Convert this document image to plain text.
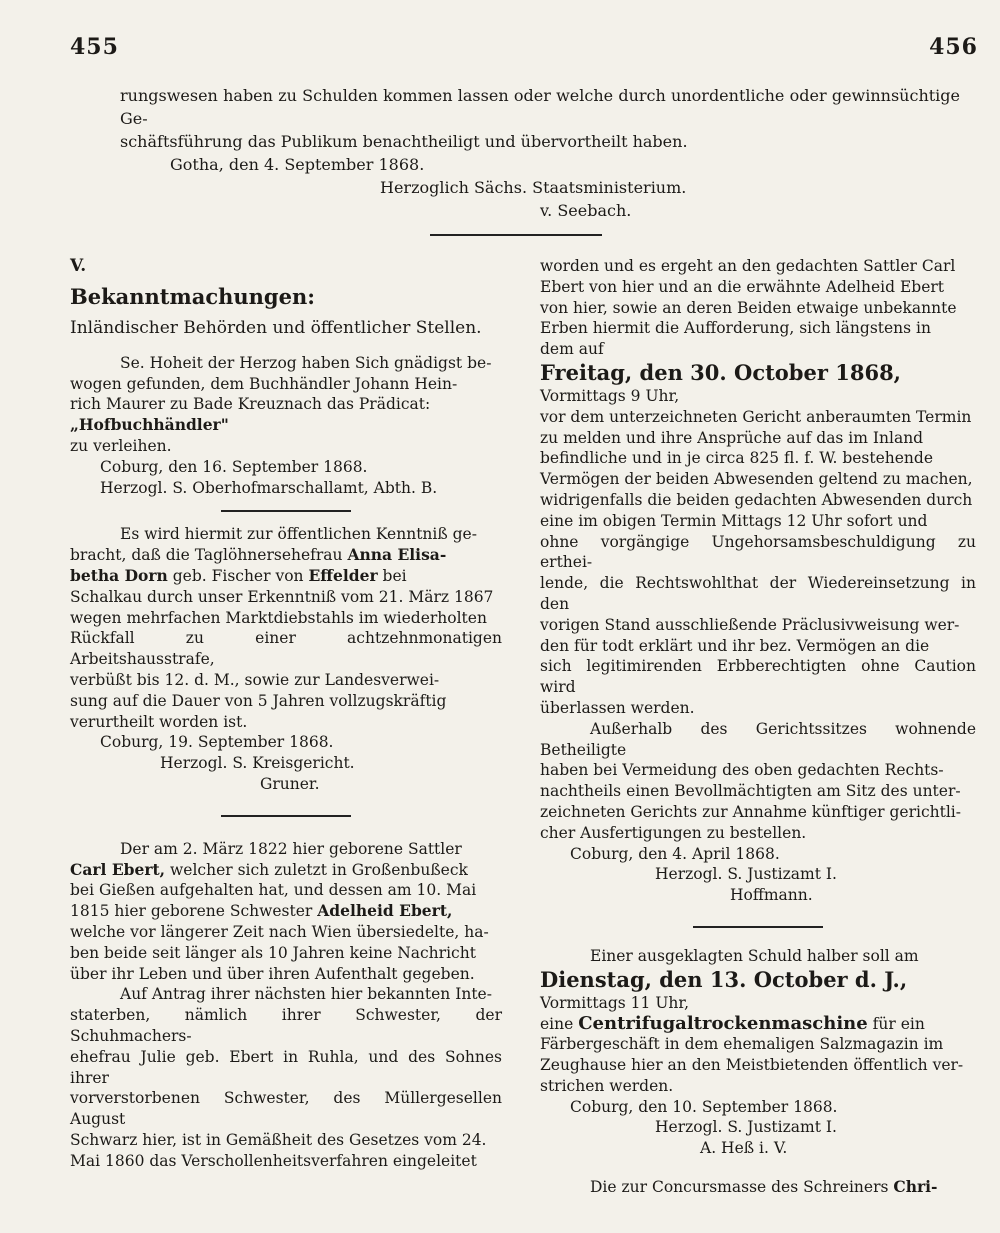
455	456

rungswesen haben zu Schulden kommen lassen oder welche durch unordentliche oder gewinnsüchtige Ge-

schäftsführung das Publikum benachtheiligt und übervortheilt haben.

Gotha, den 4. September 1868.

Herzoglich Sächs. Staatsministerium.

v. Seebach.

V.

Bekanntmachungen:

Inländischer Behörden und öffentlicher Stellen.

Se. Hoheit der Herzog haben Sich gnädigst be-

wogen gefunden, dem Buchhändler Johann Hein-

rich Maurer zu Bade Kreuznach das Prädicat:

„Hofbuchhändler"

zu verleihen.

Coburg, den 16. September 1868.

Herzogl. S. Oberhofmarschallamt, Abth. B.

Es wird hiermit zur öffentlichen Kenntniß ge-

bracht, daß die Taglöhnersehefrau Anna Elisa-

betha Dorn geb. Fischer von Effelder bei

Schalkau durch unser Erkenntniß vom 21. März 1867

wegen mehrfachen Marktdiebstahls im wiederholten

Rückfall zu einer achtzehnmonatigen Arbeitshausstrafe,

verbüßt bis 12. d. M., sowie zur Landesverwei-

sung auf die Dauer von 5 Jahren vollzugskräftig

verurtheilt worden ist.

Coburg, 19. September 1868.

Herzogl. S. Kreisgericht.

Gruner.

Der am 2. März 1822 hier geborene Sattler

Carl Ebert, welcher sich zuletzt in Großenbußeck

bei Gießen aufgehalten hat, und dessen am 10. Mai

1815 hier geborene Schwester Adelheid Ebert,

welche vor längerer Zeit nach Wien übersiedelte, ha-

ben beide seit länger als 10 Jahren keine Nachricht

über ihr Leben und über ihren Aufenthalt gegeben.

Auf Antrag ihrer nächsten hier bekannten Inte-

staterben, nämlich ihrer Schwester, der Schuhmachers-

ehefrau Julie geb. Ebert in Ruhla, und des Sohnes ihrer

vorverstorbenen Schwester, des Müllergesellen August

Schwarz hier, ist in Gemäßheit des Gesetzes vom 24.

Mai 1860 das Verschollenheitsverfahren eingeleitet

worden und es ergeht an den gedachten Sattler Carl

Ebert von hier und an die erwähnte Adelheid Ebert

von hier, sowie an deren Beiden etwaige unbekannte

Erben hiermit die Aufforderung, sich längstens in

dem auf

Freitag, den 30. October 1868,

Vormittags 9 Uhr,

vor dem unterzeichneten Gericht anberaumten Termin

zu melden und ihre Ansprüche auf das im Inland

befindliche und in je circa 825 fl. f. W. bestehende

Vermögen der beiden Abwesenden geltend zu machen,

widrigenfalls die beiden gedachten Abwesenden durch

eine im obigen Termin Mittags 12 Uhr sofort und

ohne vorgängige Ungehorsamsbeschuldigung zu erthei-

lende, die Rechtswohlthat der Wiedereinsetzung in den

vorigen Stand ausschließende Präclusivweisung wer-

den für todt erklärt und ihr bez. Vermögen an die

sich legitimirenden Erbberechtigten ohne Caution wird

überlassen werden.

Außerhalb des Gerichtssitzes wohnende Betheiligte

haben bei Vermeidung des oben gedachten Rechts-

nachtheils einen Bevollmächtigten am Sitz des unter-

zeichneten Gerichts zur Annahme künftiger gerichtli-

cher Ausfertigungen zu bestellen.

Coburg, den 4. April 1868.

Herzogl. S. Justizamt I.

Hoffmann.

Einer ausgeklagten Schuld halber soll am

Dienstag, den 13. October d. J.,

Vormittags 11 Uhr,

eine Centrifugaltrockenmaschine für ein

Färbergeschäft in dem ehemaligen Salzmagazin im

Zeughause hier an den Meistbietenden öffentlich ver-

strichen werden.

Coburg, den 10. September 1868.

Herzogl. S. Justizamt I.

A. Heß i. V.

Die zur Concursmasse des Schreiners Chri-
